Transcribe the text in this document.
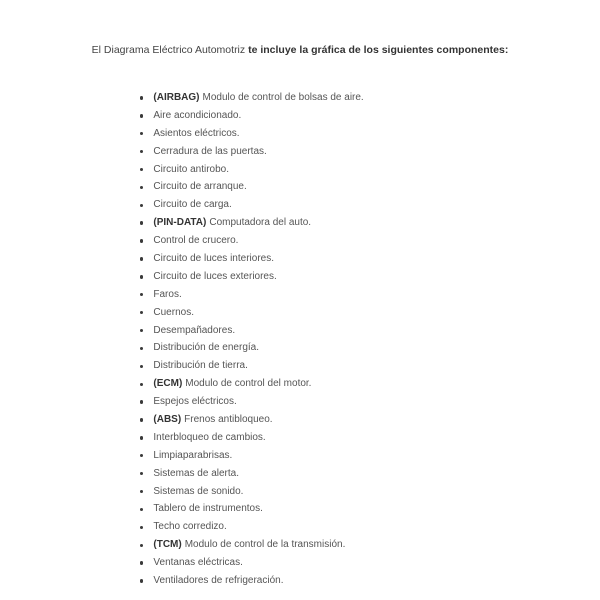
El Diagrama Eléctrico Automotriz te incluye la gráfica de los siguientes componentes:
(AIRBAG) Modulo de control de bolsas de aire.
Aire acondicionado.
Asientos eléctricos.
Cerradura de las puertas.
Circuito antirobo.
Circuito de arranque.
Circuito de carga.
(PIN-DATA) Computadora del auto.
Control de crucero.
Circuito de luces interiores.
Circuito de luces exteriores.
Faros.
Cuernos.
Desempañadores.
Distribución de energía.
Distribución de tierra.
(ECM) Modulo de control del motor.
Espejos eléctricos.
(ABS) Frenos antibloqueo.
Interbloqueo de cambios.
Limpiaparabrisas.
Sistemas de alerta.
Sistemas de sonido.
Tablero de instrumentos.
Techo corredizo.
(TCM) Modulo de control de la transmisión.
Ventanas eléctricas.
Ventiladores de refrigeración.
